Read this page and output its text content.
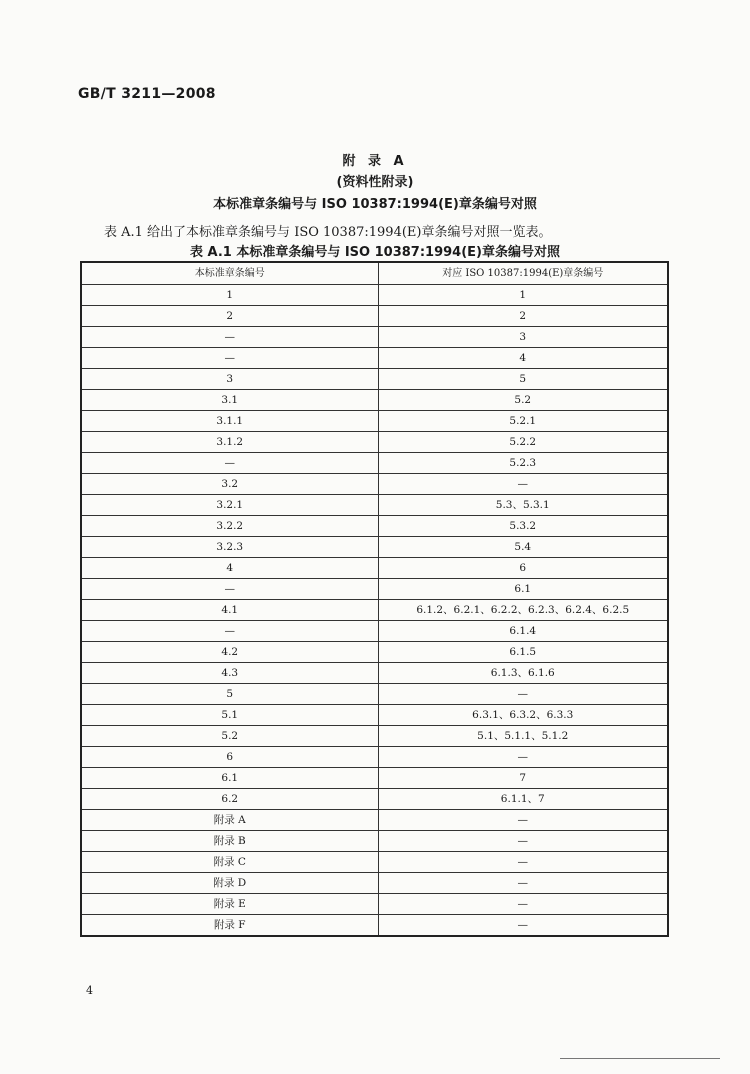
GB/T 3211—2008
附 录 A
(资料性附录)
本标准章条编号与 ISO 10387:1994(E)章条编号对照
表 A.1 给出了本标准章条编号与 ISO 10387:1994(E)章条编号对照一览表。
表 A.1 本标准章条编号与 ISO 10387:1994(E)章条编号对照
本标准章条编号	对应 ISO 10387:1994(E)章条编号
1	1
2	2
—	3
—	4
3	5
3.1	5.2
3.1.1	5.2.1
3.1.2	5.2.2
—	5.2.3
3.2	—
3.2.1	5.3、5.3.1
3.2.2	5.3.2
3.2.3	5.4
4	6
—	6.1
4.1	6.1.2、6.2.1、6.2.2、6.2.3、6.2.4、6.2.5
—	6.1.4
4.2	6.1.5
4.3	6.1.3、6.1.6
5	—
5.1	6.3.1、6.3.2、6.3.3
5.2	5.1、5.1.1、5.1.2
6	—
6.1	7
6.2	6.1.1、7
附录 A	—
附录 B	—
附录 C	—
附录 D	—
附录 E	—
附录 F	—
4
